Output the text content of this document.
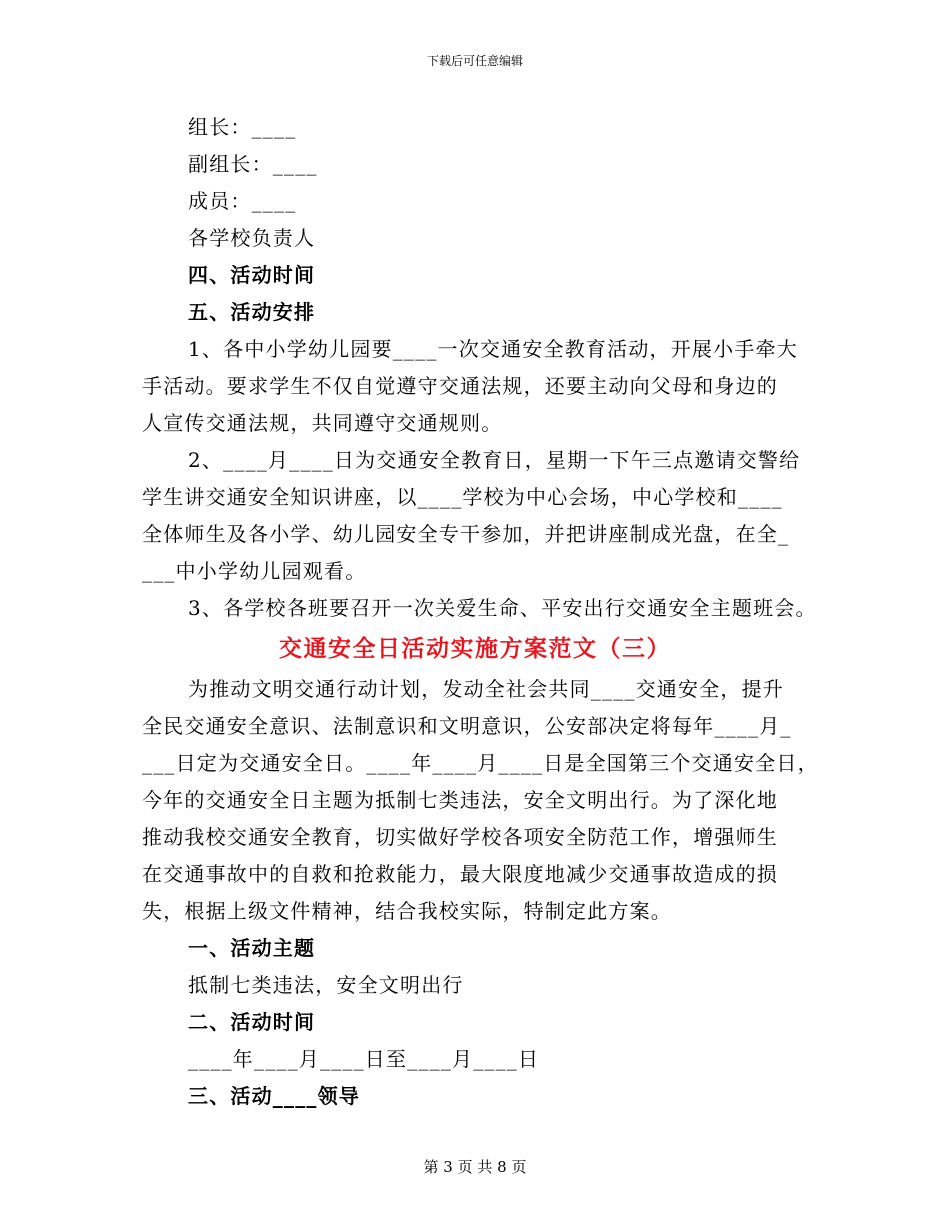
下载后可任意编辑
组长：____
副组长：____
成员：____
各学校负责人
四、活动时间
五、活动安排
1、各中小学幼儿园要____一次交通安全教育活动，开展小手牵大
手活动。要求学生不仅自觉遵守交通法规，还要主动向父母和身边的
人宣传交通法规，共同遵守交通规则。
2、____月____日为交通安全教育日，星期一下午三点邀请交警给
学生讲交通安全知识讲座，以____学校为中心会场，中心学校和____
全体师生及各小学、幼儿园安全专干参加，并把讲座制成光盘，在全_
___中小学幼儿园观看。
3、各学校各班要召开一次关爱生命、平安出行交通安全主题班会。
交通安全日活动实施方案范文（三）
为推动文明交通行动计划，发动全社会共同____交通安全，提升
全民交通安全意识、法制意识和文明意识，公安部决定将每年____月_
___日定为交通安全日。____年____月____日是全国第三个交通安全日，
今年的交通安全日主题为抵制七类违法，安全文明出行。为了深化地
推动我校交通安全教育，切实做好学校各项安全防范工作，增强师生
在交通事故中的自救和抢救能力，最大限度地减少交通事故造成的损
失，根据上级文件精神，结合我校实际，特制定此方案。
一、活动主题
抵制七类违法，安全文明出行
二、活动时间
____年____月____日至____月____日
三、活动____领导
第 3 页 共 8 页
